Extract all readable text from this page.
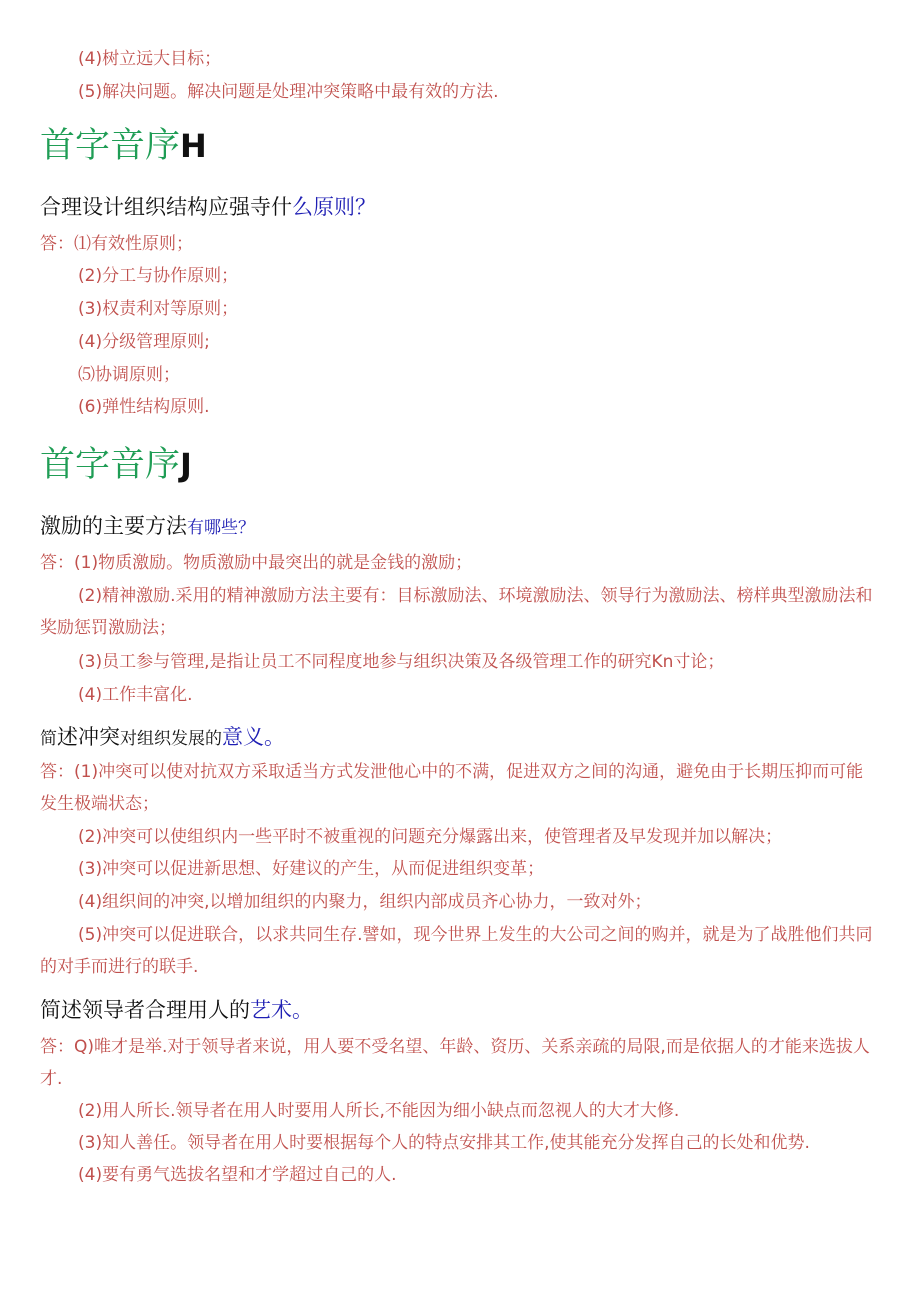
(4)树立远大目标；
(5)解决问题。解决问题是处理冲突策略中最有效的方法.
首字音序H
合理设计组织结构应强寺什么原则？
答：⑴有效性原则；
(2)分工与协作原则；
(3)权责利对等原则；
(4)分级管理原则;
⑸协调原则；
(6)弹性结构原则.
首字音序J
激励的主要方法有哪些？
答：(1)物质激励。物质激励中最突出的就是金钱的激励；
(2)精神激励.采用的精神激励方法主要有：目标激励法、环境激励法、领导行为激励法、榜样典型激励法和奖励惩罚激励法；
(3)员工参与管理,是指让员工不同程度地参与组织决策及各级管理工作的研究Kn寸论；
(4)工作丰富化.
简述冲突对组织发展的意义。
答：(1)冲突可以使对抗双方采取适当方式发泄他心中的不满，促进双方之间的沟通，避免由于长期压抑而可能发生极端状态；
(2)冲突可以使组织内一些平时不被重视的问题充分爆露出来，使管理者及早发现并加以解决；
(3)冲突可以促进新思想、好建议的产生，从而促进组织变革；
(4)组织间的冲突,以增加组织的内聚力，组织内部成员齐心协力，一致对外；
(5)冲突可以促进联合，以求共同生存.譬如，现今世界上发生的大公司之间的购并，就是为了战胜他们共同的对手而进行的联手.
简述领导者合理用人的艺术。
答：Q)唯才是举.对于领导者来说，用人要不受名望、年龄、资历、关系亲疏的局限,而是依据人的才能来选拔人才.
(2)用人所长.领导者在用人时要用人所长,不能因为细小缺点而忽视人的大才大修.
(3)知人善任。领导者在用人时要根据每个人的特点安排其工作,使其能充分发挥自己的长处和优势.
(4)要有勇气选拔名望和才学超过自己的人.
